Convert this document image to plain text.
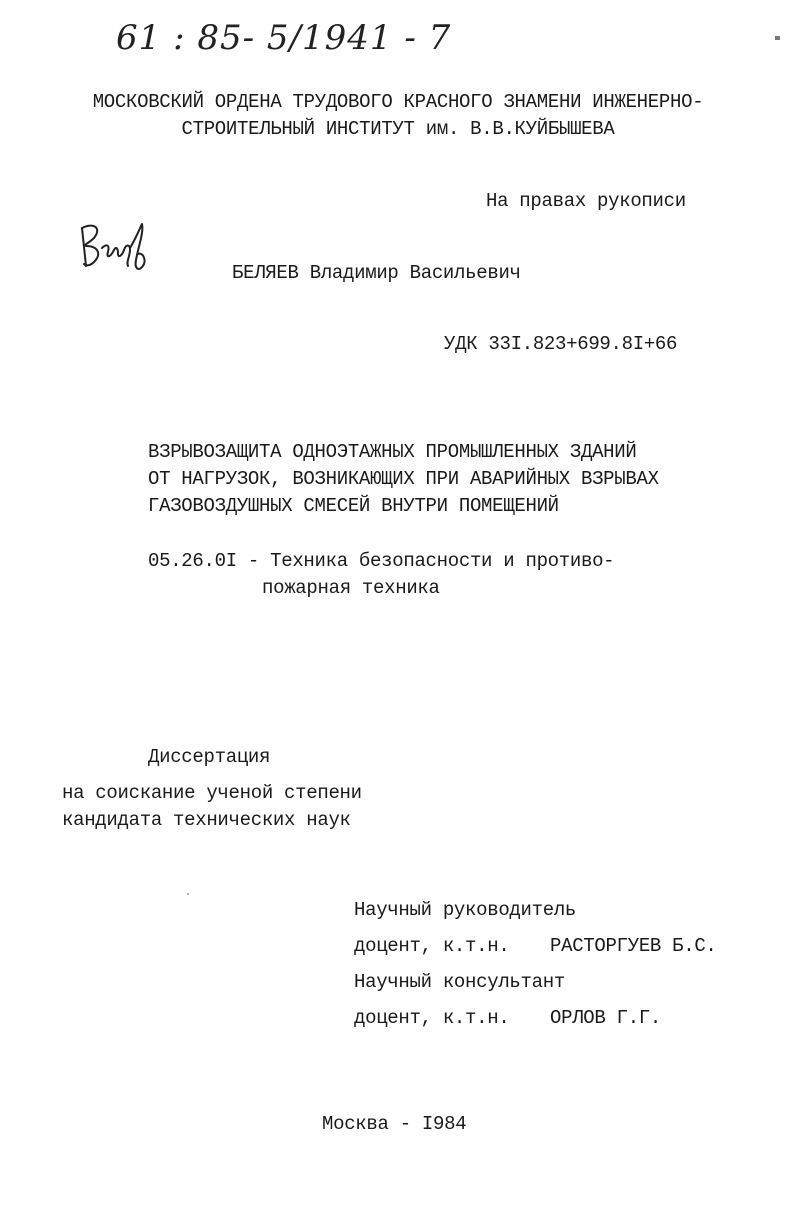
61 : 85- 5/1941 - 7
МОСКОВСКИЙ ОРДЕНА ТРУДОВОГО КРАСНОГО ЗНАМЕНИ ИНЖЕНЕРНО-
СТРОИТЕЛЬНЫЙ ИНСТИТУТ им. В.В.КУЙБЫШЕВА
На правах рукописи
БЕЛЯЕВ Владимир Васильевич
УДК 33I.823+699.8I+66
ВЗРЫВОЗАЩИТА ОДНОЭТАЖНЫХ ПРОМЫШЛЕННЫХ ЗДАНИЙ
ОТ НАГРУЗОК, ВОЗНИКАЮЩИХ ПРИ АВАРИЙНЫХ ВЗРЫВАХ
ГАЗОВОЗДУШНЫХ СМЕСЕЙ ВНУТРИ ПОМЕЩЕНИЙ
05.26.0I - Техника безопасности и противо-
пожарная техника
Диссертация
на соискание ученой степени
кандидата технических наук
Научный руководитель
доцент, к.т.н. РАСТОРГУЕВ Б.С.
Научный консультант
доцент, к.т.н. ОРЛОВ Г.Г.
Москва - I984
